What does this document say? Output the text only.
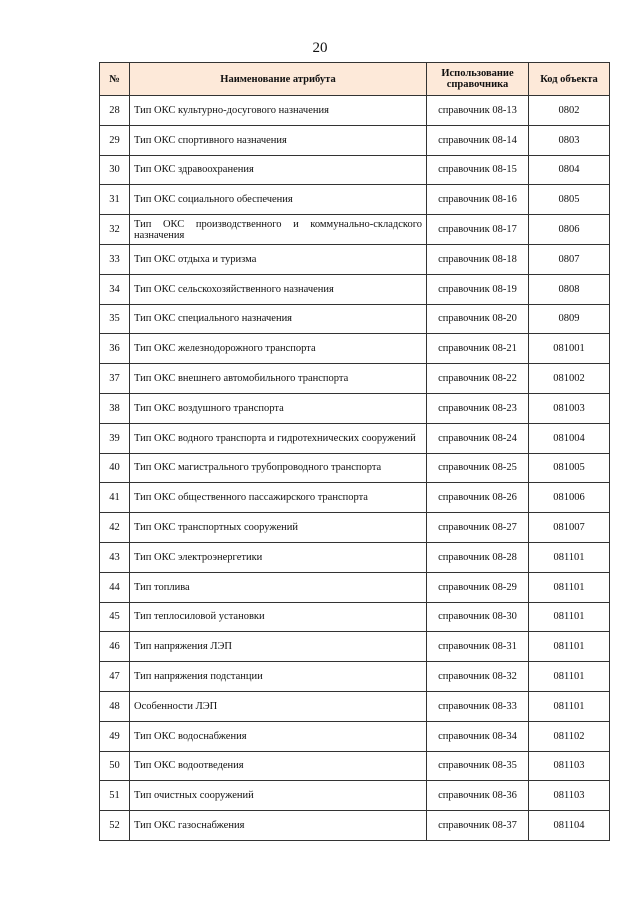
20
№	Наименование атрибута	Использование справочника	Код объекта
28	Тип ОКС культурно-досугового назначения	справочник 08-13	0802
29	Тип ОКС спортивного назначения	справочник 08-14	0803
30	Тип ОКС здравоохранения	справочник 08-15	0804
31	Тип ОКС социального обеспечения	справочник 08-16	0805
32	Тип ОКС производственного и коммунально-складского назначения	справочник 08-17	0806
33	Тип ОКС отдыха и туризма	справочник 08-18	0807
34	Тип ОКС сельскохозяйственного назначения	справочник 08-19	0808
35	Тип ОКС специального назначения	справочник 08-20	0809
36	Тип ОКС железнодорожного транспорта	справочник 08-21	081001
37	Тип ОКС внешнего автомобильного транспорта	справочник 08-22	081002
38	Тип ОКС воздушного транспорта	справочник 08-23	081003
39	Тип ОКС водного транспорта и гидротехнических сооружений	справочник 08-24	081004
40	Тип ОКС магистрального трубопроводного транспорта	справочник 08-25	081005
41	Тип ОКС общественного пассажирского транспорта	справочник 08-26	081006
42	Тип ОКС транспортных сооружений	справочник 08-27	081007
43	Тип ОКС электроэнергетики	справочник 08-28	081101
44	Тип топлива	справочник 08-29	081101
45	Тип теплосиловой установки	справочник 08-30	081101
46	Тип напряжения ЛЭП	справочник 08-31	081101
47	Тип напряжения подстанции	справочник 08-32	081101
48	Особенности ЛЭП	справочник 08-33	081101
49	Тип ОКС водоснабжения	справочник 08-34	081102
50	Тип ОКС водоотведения	справочник 08-35	081103
51	Тип очистных сооружений	справочник 08-36	081103
52	Тип ОКС газоснабжения	справочник 08-37	081104
